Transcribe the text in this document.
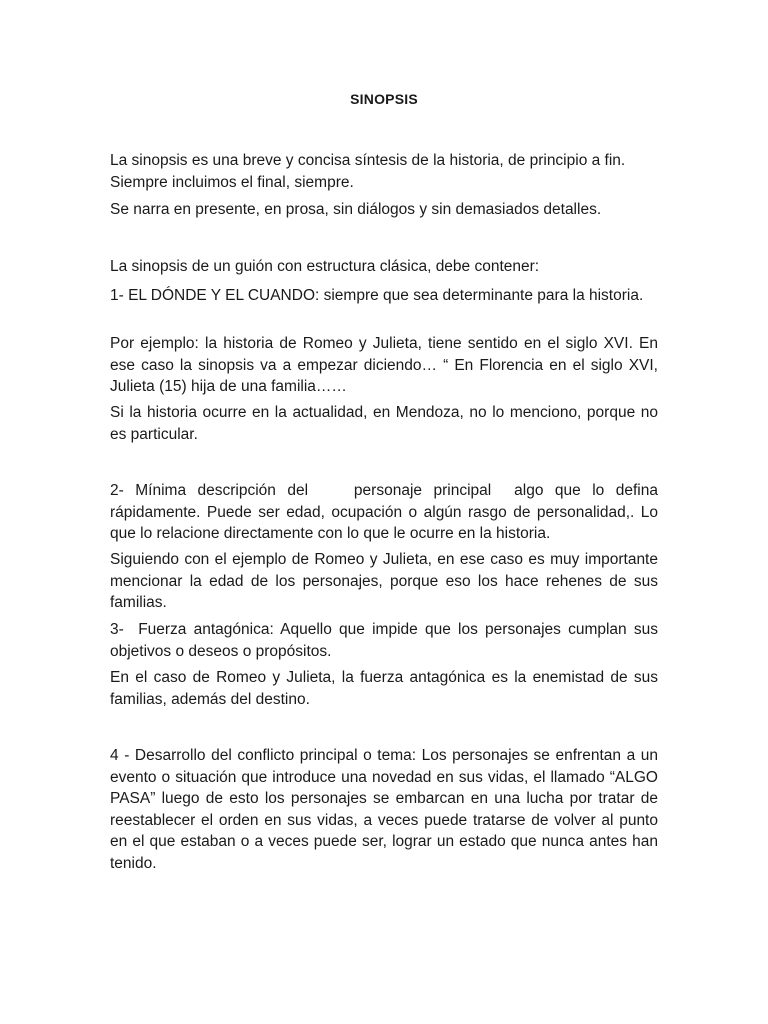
SINOPSIS

La sinopsis es una breve y concisa síntesis de la historia, de principio a fin. Siempre incluimos el final, siempre.

Se narra en presente, en prosa, sin diálogos y sin demasiados detalles.

La sinopsis de un guión con estructura clásica, debe contener:

1- EL DÓNDE Y EL CUANDO: siempre que sea determinante para la historia.

Por ejemplo: la historia de Romeo y Julieta, tiene sentido en el siglo XVI. En ese caso la sinopsis va a empezar diciendo… “ En Florencia en el siglo XVI, Julieta (15) hija de una familia……

Si la historia ocurre en la actualidad, en Mendoza, no lo menciono, porque no es particular.

2- Mínima descripción del    personaje principal  algo que lo defina rápidamente. Puede ser edad, ocupación o algún rasgo de personalidad,. Lo que lo relacione directamente con lo que le ocurre en la historia.

Siguiendo con el ejemplo de Romeo y Julieta, en ese caso es muy importante mencionar la edad de los personajes, porque eso los hace rehenes de sus familias.

3-  Fuerza antagónica: Aquello que impide que los personajes cumplan sus objetivos o deseos o propósitos.

En el caso de Romeo y Julieta, la fuerza antagónica es la enemistad de sus familias, además del destino.

4 - Desarrollo del conflicto principal o tema: Los personajes se enfrentan a un evento o situación que introduce una novedad en sus vidas, el llamado “ALGO PASA” luego de esto los personajes se embarcan en una lucha por tratar de reestablecer el orden en sus vidas, a veces puede tratarse de volver al punto en el que estaban o a veces puede ser, lograr un estado que nunca antes han tenido.
